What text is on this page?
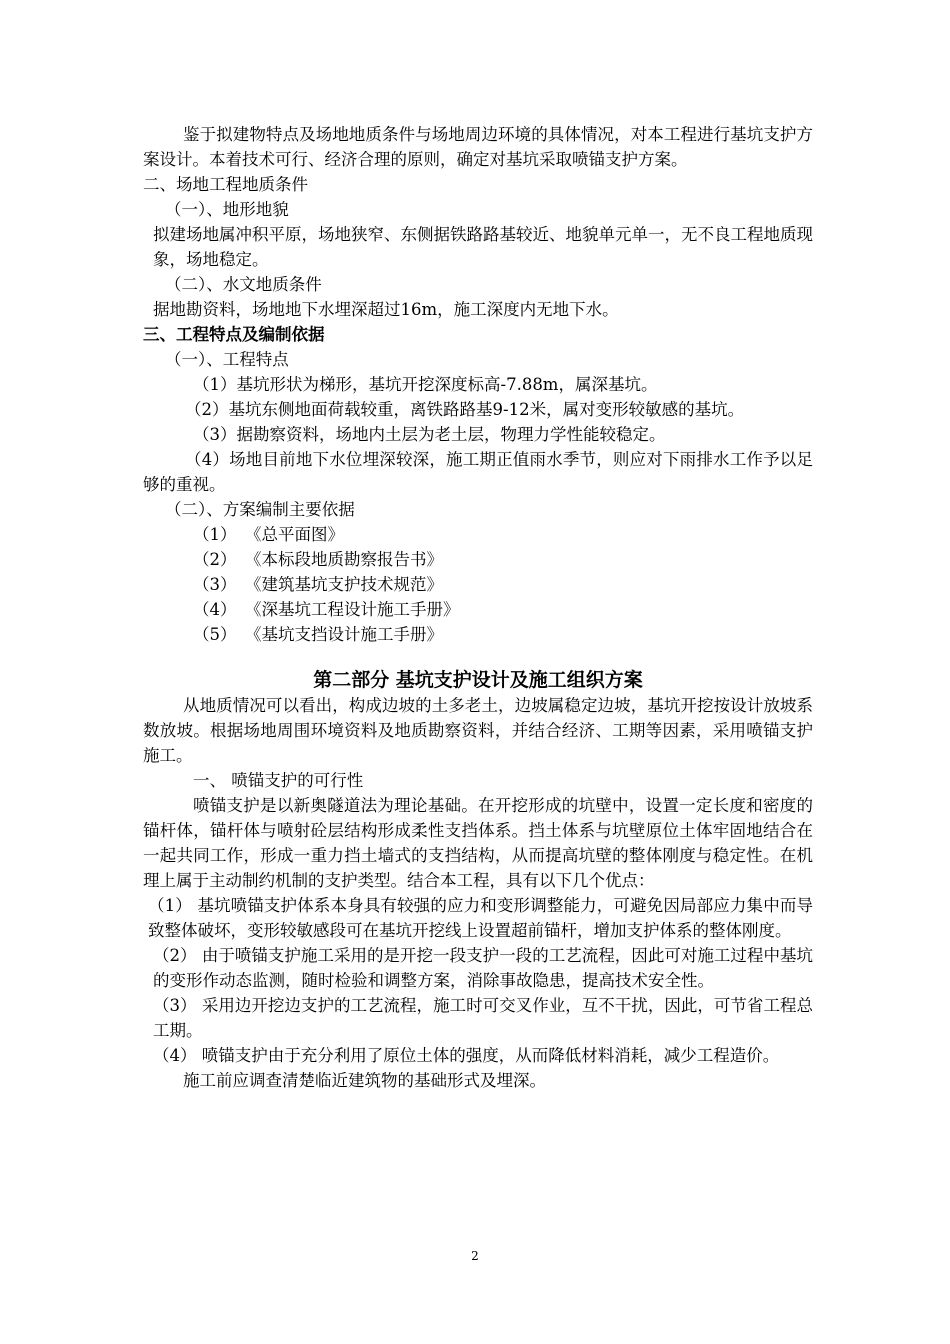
鉴于拟建物特点及场地地质条件与场地周边环境的具体情况，对本工程进行基坑支护方案设计。本着技术可行、经济合理的原则，确定对基坑采取喷锚支护方案。

二、场地工程地质条件

（一）、地形地貌

拟建场地属冲积平原，场地狭窄、东侧据铁路路基较近、地貌单元单一，无不良工程地质现象，场地稳定。

（二）、水文地质条件

据地勘资料，场地地下水埋深超过16m，施工深度内无地下水。

三、工程特点及编制依据

（一）、工程特点

（1）基坑形状为梯形，基坑开挖深度标高-7.88m，属深基坑。

（2）基坑东侧地面荷载较重，离铁路路基9-12米，属对变形较敏感的基坑。

（3）据勘察资料，场地内土层为老土层，物理力学性能较稳定。

（4）场地目前地下水位埋深较深，施工期正值雨水季节，则应对下雨排水工作予以足够的重视。

（二）、方案编制主要依据

（1） 《总平面图》

（2） 《本标段地质勘察报告书》

（3） 《建筑基坑支护技术规范》

（4） 《深基坑工程设计施工手册》

（5） 《基坑支挡设计施工手册》

第二部分 基坑支护设计及施工组织方案

从地质情况可以看出，构成边坡的土多老土，边坡属稳定边坡，基坑开挖按设计放坡系数放坡。根据场地周围环境资料及地质勘察资料，并结合经济、工期等因素，采用喷锚支护施工。

一、 喷锚支护的可行性

喷锚支护是以新奥隧道法为理论基础。在开挖形成的坑壁中，设置一定长度和密度的锚杆体，锚杆体与喷射砼层结构形成柔性支挡体系。挡土体系与坑壁原位土体牢固地结合在一起共同工作，形成一重力挡土墙式的支挡结构，从而提高坑壁的整体刚度与稳定性。在机理上属于主动制约机制的支护类型。结合本工程，具有以下几个优点：

（1） 基坑喷锚支护体系本身具有较强的应力和变形调整能力，可避免因局部应力集中而导致整体破坏，变形较敏感段可在基坑开挖线上设置超前锚杆，增加支护体系的整体刚度。

（2） 由于喷锚支护施工采用的是开挖一段支护一段的工艺流程，因此可对施工过程中基坑的变形作动态监测，随时检验和调整方案，消除事故隐患，提高技术安全性。

（3） 采用边开挖边支护的工艺流程，施工时可交叉作业，互不干扰，因此，可节省工程总工期。

（4） 喷锚支护由于充分利用了原位土体的强度，从而降低材料消耗，减少工程造价。

施工前应调查清楚临近建筑物的基础形式及埋深。

2
